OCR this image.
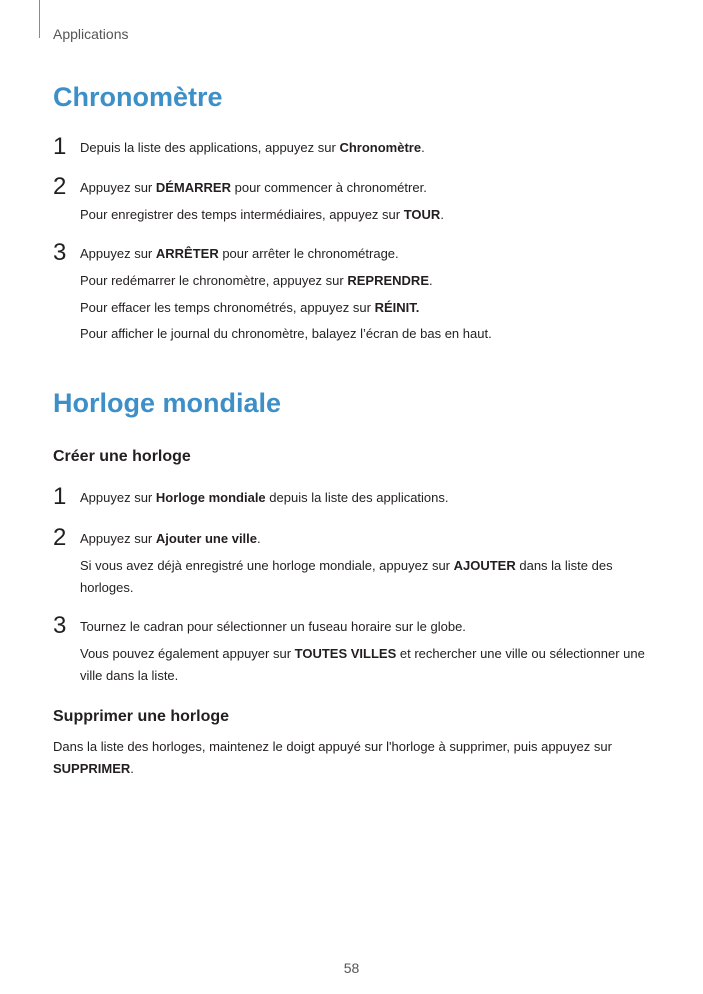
Applications
Chronomètre
1 Depuis la liste des applications, appuyez sur Chronomètre.
2 Appuyez sur DÉMARRER pour commencer à chronométrer.
Pour enregistrer des temps intermédiaires, appuyez sur TOUR.
3 Appuyez sur ARRÊTER pour arrêter le chronométrage.
Pour redémarrer le chronomètre, appuyez sur REPRENDRE.
Pour effacer les temps chronométrés, appuyez sur RÉINIT.
Pour afficher le journal du chronomètre, balayez l’écran de bas en haut.
Horloge mondiale
Créer une horloge
1 Appuyez sur Horloge mondiale depuis la liste des applications.
2 Appuyez sur Ajouter une ville.
Si vous avez déjà enregistré une horloge mondiale, appuyez sur AJOUTER dans la liste des horloges.
3 Tournez le cadran pour sélectionner un fuseau horaire sur le globe.
Vous pouvez également appuyer sur TOUTES VILLES et rechercher une ville ou sélectionner une ville dans la liste.
Supprimer une horloge
Dans la liste des horloges, maintenez le doigt appuyé sur l'horloge à supprimer, puis appuyez sur SUPPRIMER.
58
